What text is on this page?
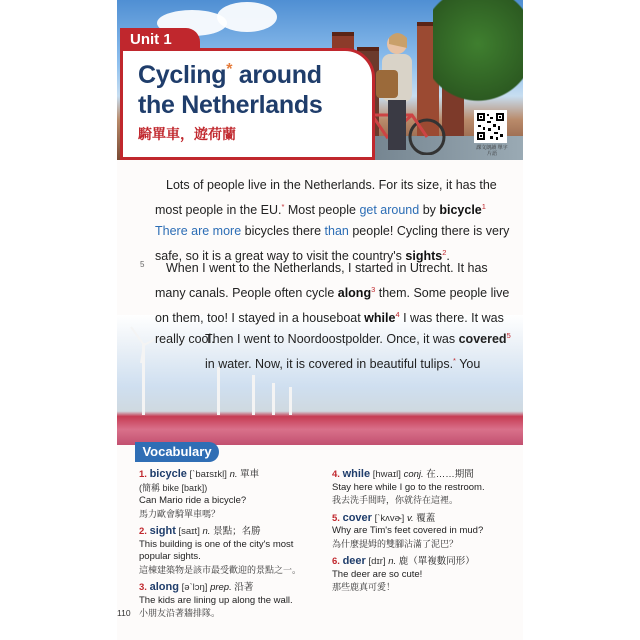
Unit 1
Cycling* around
the Netherlands
騎單車，遊荷蘭
課文朗讀 單字片語
Lots of people live in the Netherlands. For its size, it has the most people in the EU.* Most people get around by bicycle$^1$ There are more bicycles there than people! Cycling there is very safe, so it is a great way to visit the country's sights$^2$.
5	When I went to the Netherlands, I started in Utrecht. It has many canals. People often cycle along$^3$ them. Some people live on them, too! I stayed in a houseboat while$^4$ I was there. It was really cool.
Then I went to Noordoostpolder. Once, it was covered$^5$ in water. Now, it is covered in beautiful tulips.* You
Vocabulary
1. bicycle [ˋbaɪsɪkḷ] n. 單車
(簡稱 bike [baɪk])
Can Mario ride a bicycle?
馬力歐會騎單車嗎？
2. sight [saɪt] n. 景點；名勝
This building is one of the city's most popular sights.
這棟建築物是該市最受歡迎的景點之一。
3. along [əˋlɔŋ] prep. 沿著
The kids are lining up along the wall.
小朋友沿著牆排隊。
4. while [hwaɪl] conj. 在……期間
Stay here while I go to the restroom.
我去洗手間時，你就待在這裡。
5. cover [ˋkʌvɚ] v. 覆蓋
Why are Tim's feet covered in mud?
為什麼提姆的雙腳沾滿了泥巴？
6. deer [dɪr] n. 鹿（單複數同形）
The deer are so cute!
那些鹿真可愛！
110
